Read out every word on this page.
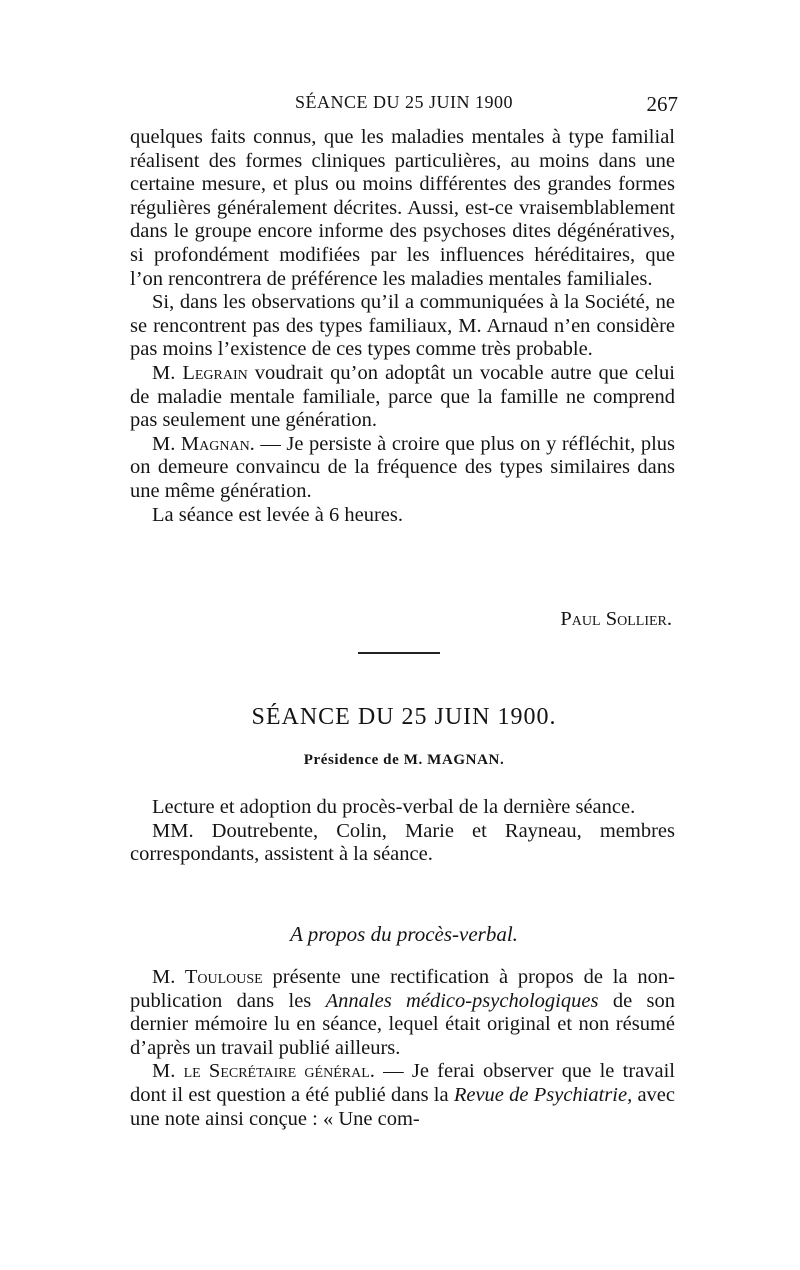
SÉANCE DU 25 JUIN 1900	267

quelques faits connus, que les maladies mentales à type familial réalisent des formes cliniques particulières, au moins dans une certaine mesure, et plus ou moins différentes des grandes formes régulières généralement décrites. Aussi, est-ce vraisemblablement dans le groupe encore informe des psychoses dites dégénératives, si profondément modifiées par les influences héréditaires, que l’on rencontrera de préférence les maladies mentales familiales.

Si, dans les observations qu’il a communiquées à la Société, ne se rencontrent pas des types familiaux, M. Arnaud n’en considère pas moins l’existence de ces types comme très probable.

M. Legrain voudrait qu’on adoptât un vocable autre que celui de maladie mentale familiale, parce que la famille ne comprend pas seulement une génération.

M. Magnan. — Je persiste à croire que plus on y réfléchit, plus on demeure convaincu de la fréquence des types similaires dans une même génération.

La séance est levée à 6 heures.

Paul Sollier.
SÉANCE DU 25 JUIN 1900.
Présidence de M. MAGNAN.

Lecture et adoption du procès-verbal de la dernière séance.

MM. Doutrebente, Colin, Marie et Rayneau, membres correspondants, assistent à la séance.

A propos du procès-verbal.

M. Toulouse présente une rectification à propos de la non-publication dans les Annales médico-psychologiques de son dernier mémoire lu en séance, lequel était original et non résumé d’après un travail publié ailleurs.

M. le Secrétaire général. — Je ferai observer que le travail dont il est question a été publié dans la Revue de Psychiatrie, avec une note ainsi conçue : « Une com-
